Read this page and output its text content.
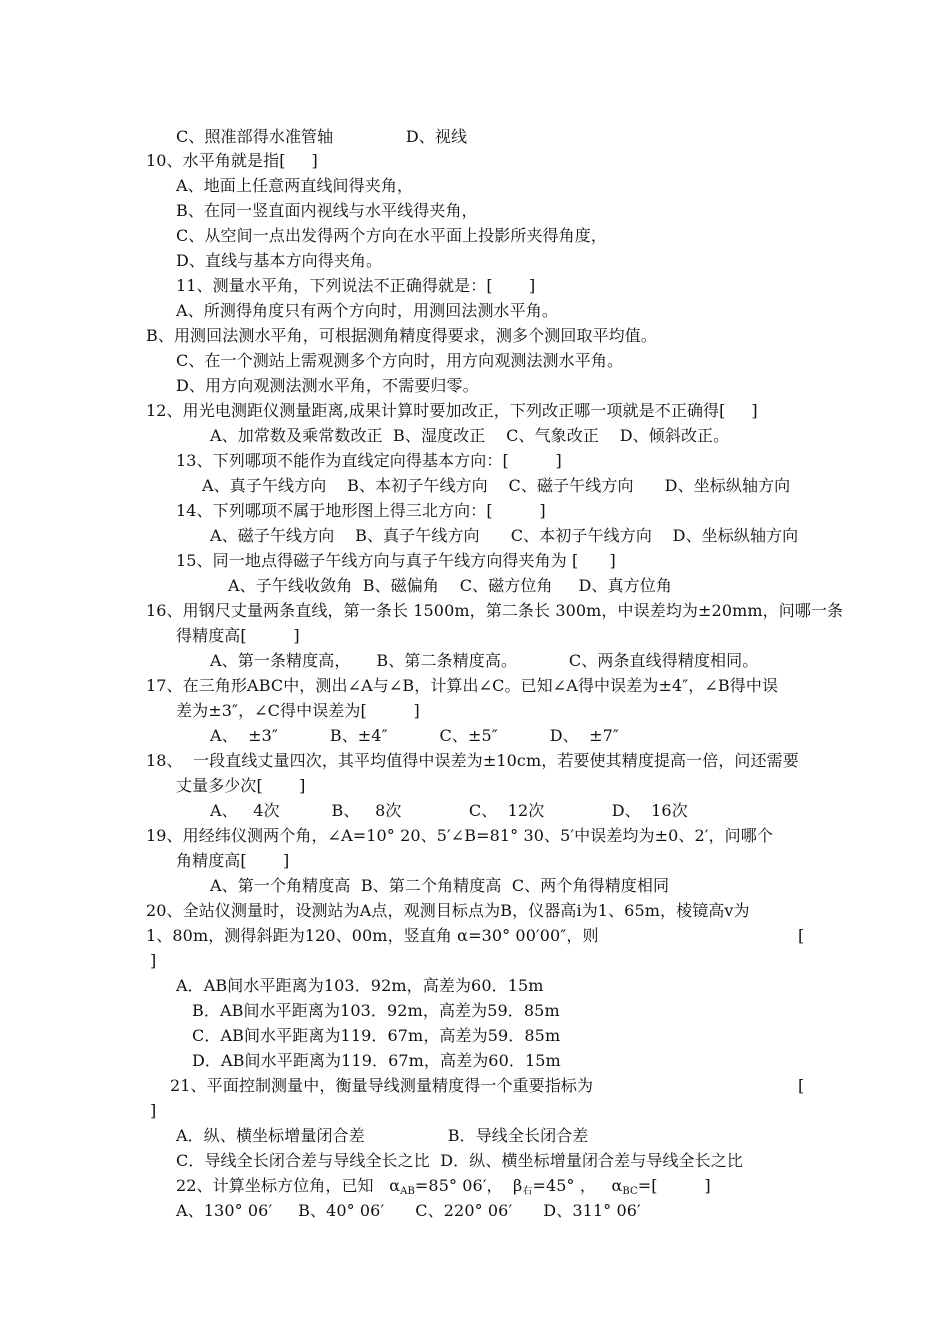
C、照准部得水准管轴              D、视线
10、水平角就是指[     ]
A、地面上任意两直线间得夹角，
B、在同一竖直面内视线与水平线得夹角，
C、从空间一点出发得两个方向在水平面上投影所夹得角度，
D、直线与基本方向得夹角。
11、测量水平角，下列说法不正确得就是：[       ]
A、所测得角度只有两个方向时，用测回法测水平角。
B、用测回法测水平角，可根据测角精度得要求，测多个测回取平均值。
C、在一个测站上需观测多个方向时，用方向观测法测水平角。
D、用方向观测法测水平角，不需要归零。
12、用光电测距仪测量距离,成果计算时要加改正，下列改正哪一项就是不正确得[     ]
A、加常数及乘常数改正  B、湿度改正    C、气象改正    D、倾斜改正。
13、下列哪项不能作为直线定向得基本方向：[         ]
A、真子午线方向    B、本初子午线方向    C、磁子午线方向      D、坐标纵轴方向
14、下列哪项不属于地形图上得三北方向：[         ]
A、磁子午线方向    B、真子午线方向      C、本初子午线方向    D、坐标纵轴方向
15、同一地点得磁子午线方向与真子午线方向得夹角为 [      ]
A、子午线收敛角  B、磁偏角    C、磁方位角     D、真方位角
16、用钢尺丈量两条直线，第一条长 1500m，第二条长 300m，中误差均为±20mm，问哪一条
得精度高[         ]
A、第一条精度高，     B、第二条精度高。          C、两条直线得精度相同。
17、在三角形ABC中，测出∠A与∠B，计算出∠C。已知∠A得中误差为±4″，∠B得中误
差为±3″，∠C得中误差为[         ]
A、  ±3″          B、±4″          C、±5″          D、  ±7″
18、  一段直线丈量四次，其平均值得中误差为±10cm，若要使其精度提高一倍，问还需要
丈量多少次[       ]
A、   4次          B、   8次             C、  12次             D、  16次
19、用经纬仪测两个角，∠A=10° 20、5′∠B=81° 30、5′中误差均为±0、2′，问哪个
角精度高[       ]
A、第一个角精度高  B、第二个角精度高  C、两个角得精度相同
20、全站仪测量时，设测站为A点，观测目标点为B，仪器高i为1、65m，棱镜高v为
1、80m，测得斜距为120、00m，竖直角 α=30° 00′00″，则	[
]
A．AB间水平距离为103．92m，高差为60．15m
B．AB间水平距离为103．92m，高差为59．85m
C．AB间水平距离为119．67m，高差为59．85m
D．AB间水平距离为119．67m，高差为60．15m
21、平面控制测量中，衡量导线测量精度得一个重要指标为	[
]
A．纵、横坐标增量闭合差                B．导线全长闭合差
C．导线全长闭合差与导线全长之比  D．纵、横坐标增量闭合差与导线全长之比
22、计算坐标方位角，已知   $\alpha_{AB}=85^\circ$ 06′，  $\beta_右=45^\circ$ ，   $\alpha_{BC}=$[         ]
A、130° 06′     B、40° 06′      C、220° 06′      D、311° 06′
